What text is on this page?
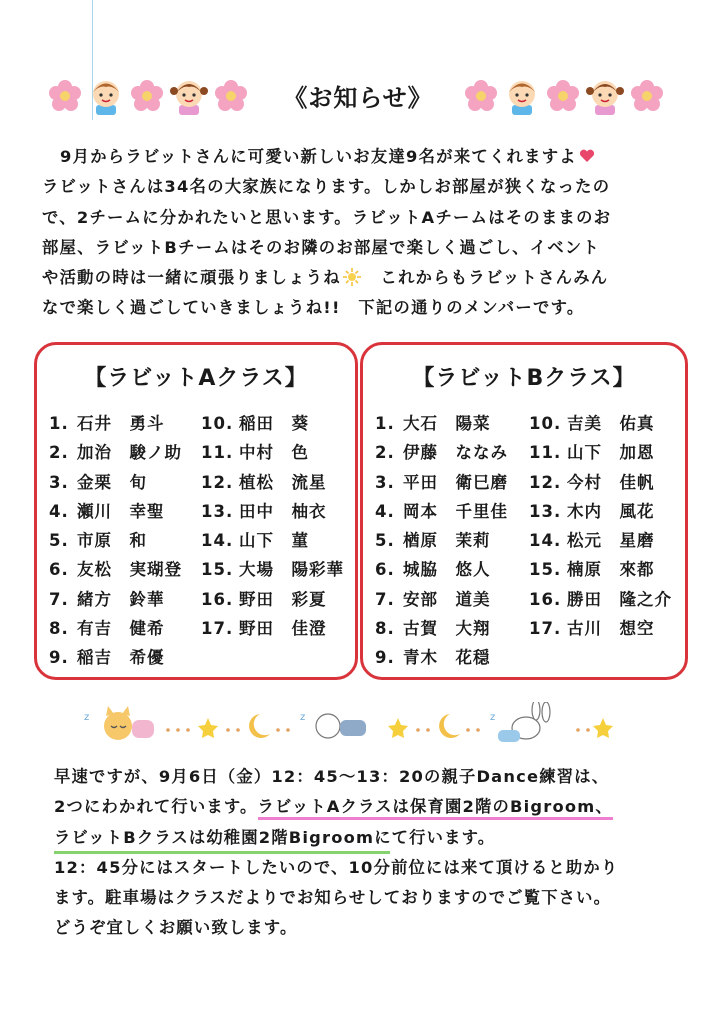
《お知らせ》
9月からラビットさんに可愛い新しいお友達9名が来てくれますよ
ラビットさんは34名の大家族になります。しかしお部屋が狭くなったの
で、2チームに分かれたいと思います。ラビットAチームはそのままのお
部屋、ラビットBチームはそのお隣のお部屋で楽しく過ごし、イベント
や活動の時は一緒に頑張りましょうね　 これからもラビットさんみん
なで楽しく過ごしていきましょうね!!　下記の通りのメンバーです。
【ラビットAクラス】
1. 石井　勇斗
2. 加治　駿ノ助
3. 金栗　旬
4. 瀬川　幸聖
5. 市原　和
6. 友松　実瑚登
7. 緒方　鈴華
8. 有吉　健希
9. 稲吉　希優
10. 稲田　葵
11. 中村　色
12. 植松　流星
13. 田中　柚衣
14. 山下　菫
15. 大場　陽彩華
16. 野田　彩夏
17. 野田　佳澄
【ラビットBクラス】
1. 大石　陽菜
2. 伊藤　ななみ
3. 平田　衛巳磨
4. 岡本　千里佳
5. 楢原　茉莉
6. 城脇　悠人
7. 安部　道美
8. 古賀　大翔
9. 青木　花穏
10. 吉美　佑真
11. 山下　加恩
12. 今村　佳帆
13. 木内　風花
14. 松元　星磨
15. 楠原　來都
16. 勝田　隆之介
17. 古川　想空
z	z	z
早速ですが、9月6日（金）12：45～13：20の親子Dance練習は、
2つにわかれて行います。ラビットAクラスは保育園2階のBigroom、
ラビットBクラスは幼稚園2階Bigroomにて行います。
12：45分にはスタートしたいので、10分前位には来て頂けると助かり
ます。駐車場はクラスだよりでお知らせしておりますのでご覧下さい。
どうぞ宜しくお願い致します。
